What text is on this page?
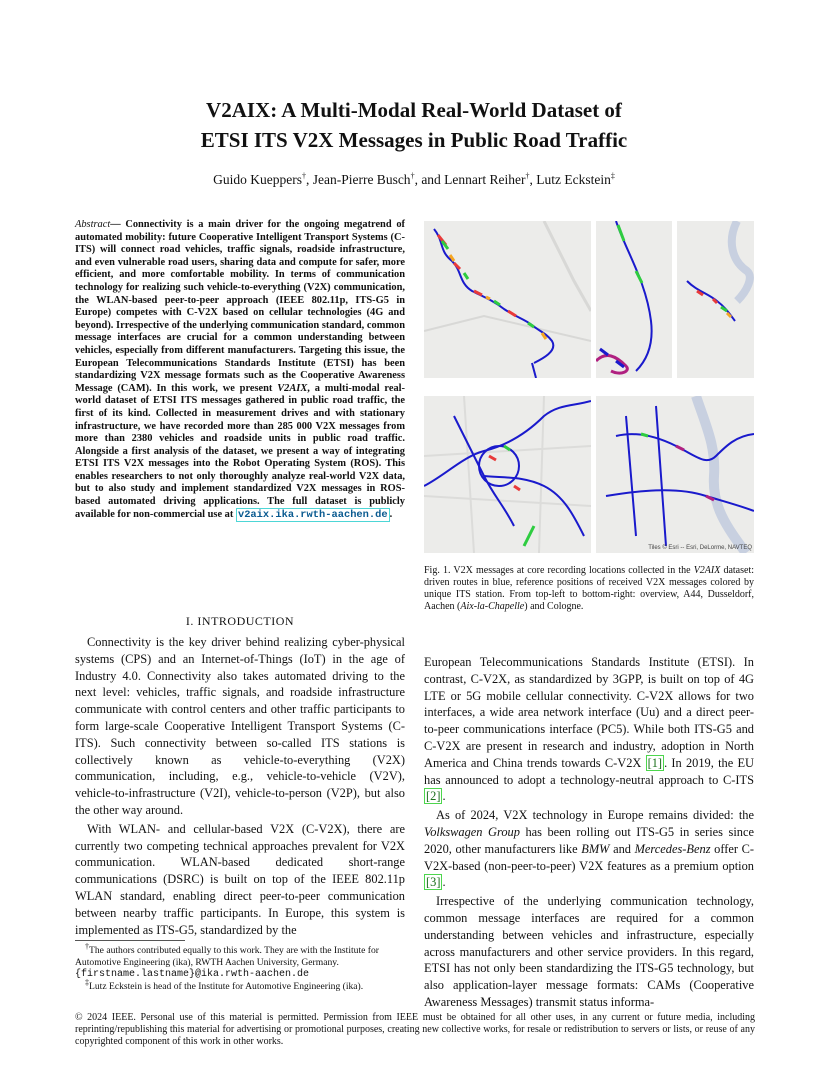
V2AIX: A Multi-Modal Real-World Dataset of
ETSI ITS V2X Messages in Public Road Traffic
Guido Kueppers†, Jean-Pierre Busch†, and Lennart Reiher†, Lutz Eckstein‡
Abstract— Connectivity is a main driver for the ongoing megatrend of automated mobility: future Cooperative Intelligent Transport Systems (C-ITS) will connect road vehicles, traffic signals, roadside infrastructure, and even vulnerable road users, sharing data and compute for safer, more efficient, and more comfortable mobility. In terms of communication technology for realizing such vehicle-to-everything (V2X) communication, the WLAN-based peer-to-peer approach (IEEE 802.11p, ITS-G5 in Europe) competes with C-V2X based on cellular technologies (4G and beyond). Irrespective of the underlying communication standard, common message interfaces are crucial for a common understanding between vehicles, especially from different manufacturers. Targeting this issue, the European Telecommunications Standards Institute (ETSI) has been standardizing V2X message formats such as the Cooperative Awareness Message (CAM). In this work, we present V2AIX, a multi-modal real-world dataset of ETSI ITS messages gathered in public road traffic, the first of its kind. Collected in measurement drives and with stationary infrastructure, we have recorded more than 285 000 V2X messages from more than 2380 vehicles and roadside units in public road traffic. Alongside a first analysis of the dataset, we present a way of integrating ETSI ITS V2X messages into the Robot Operating System (ROS). This enables researchers to not only thoroughly analyze real-world V2X data, but to also study and implement standardized V2X messages in ROS-based automated driving applications. The full dataset is publicly available for non-commercial use at v2aix.ika.rwth-aachen.de .
I. INTRODUCTION

Connectivity is the key driver behind realizing cyber-physical systems (CPS) and an Internet-of-Things (IoT) in the age of Industry 4.0. Connectivity also takes automated driving to the next level: vehicles, traffic signals, and roadside infrastructure communicate with control centers and other traffic participants to form large-scale Cooperative Intelligent Transport Systems (C-ITS). Such connectivity between so-called ITS stations is collectively known as vehicle-to-everything (V2X) communication, including, e.g., vehicle-to-vehicle (V2V), vehicle-to-infrastructure (V2I), vehicle-to-person (V2P), but also the other way around.

With WLAN- and cellular-based V2X (C-V2X), there are currently two competing technical approaches prevalent for V2X communication. WLAN-based dedicated short-range communications (DSRC) is built on top of the IEEE 802.11p WLAN standard, enabling direct peer-to-peer communication between nearby traffic participants. In Europe, this system is implemented as ITS-G5, standardized by the

†The authors contributed equally to this work. They are with the Institute for Automotive Engineering (ika), RWTH Aachen University, Germany.
{firstname.lastname}@ika.rwth-aachen.de

‡Lutz Eckstein is head of the Institute for Automotive Engineering (ika).

Tiles © Esri -- Esri, DeLorme, NAVTEQ
Fig. 1. V2X messages at core recording locations collected in the V2AIX dataset: driven routes in blue, reference positions of received V2X messages colored by unique ITS station. From top-left to bottom-right: overview, A44, Dusseldorf, Aachen (Aix-la-Chapelle) and Cologne.

European Telecommunications Standards Institute (ETSI). In contrast, C-V2X, as standardized by 3GPP, is built on top of 4G LTE or 5G mobile cellular connectivity. C-V2X allows for two interfaces, a wide area network interface (Uu) and a direct peer-to-peer communications interface (PC5). While both ITS-G5 and C-V2X are present in research and industry, adoption in North America and China trends towards C-V2X [1] . In 2019, the EU has announced to adopt a technology-neutral approach to C-ITS [2] .

As of 2024, V2X technology in Europe remains divided: the Volkswagen Group has been rolling out ITS-G5 in series since 2020, other manufacturers like BMW and Mercedes-Benz offer C-V2X-based (non-peer-to-peer) V2X features as a premium option [3] .

Irrespective of the underlying communication technology, common message interfaces are required for a common understanding between vehicles and infrastructure, especially across manufacturers and other service providers. In this regard, ETSI has not only been standardizing the ITS-G5 technology, but also application-layer message formats: CAMs (Cooperative Awareness Messages) transmit status informa-

© 2024 IEEE. Personal use of this material is permitted. Permission from IEEE must be obtained for all other uses, in any current or future media, including reprinting/republishing this material for advertising or promotional purposes, creating new collective works, for resale or redistribution to servers or lists, or reuse of any copyrighted component of this work in other works.
